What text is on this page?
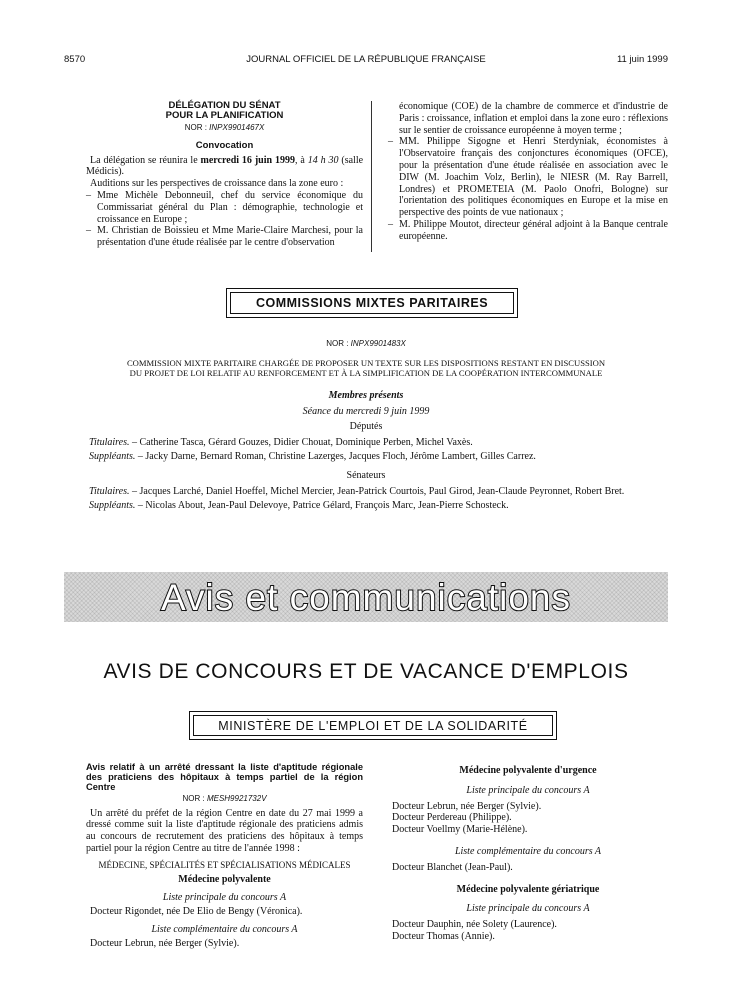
8570	JOURNAL OFFICIEL DE LA RÉPUBLIQUE FRANÇAISE	11 juin 1999
DÉLÉGATION DU SÉNAT
POUR LA PLANIFICATION
NOR : INPX9901467X
Convocation
La délégation se réunira le mercredi 16 juin 1999, à 14 h 30 (salle Médicis).
Auditions sur les perspectives de croissance dans la zone euro :
– Mme Michèle Debonneuil, chef du service économique du Commissariat général du Plan : démographie, technologie et croissance en Europe ;
– M. Christian de Boissieu et Mme Marie-Claire Marchesi, pour la présentation d'une étude réalisée par le centre d'observation
économique (COE) de la chambre de commerce et d'industrie de Paris : croissance, inflation et emploi dans la zone euro : réflexions sur le sentier de croissance européenne à moyen terme ;
– MM. Philippe Sigogne et Henri Sterdyniak, économistes à l'Observatoire français des conjonctures économiques (OFCE), pour la présentation d'une étude réalisée en association avec le DIW (M. Joachim Volz, Berlin), le NIESR (M. Ray Barrell, Londres) et PROMETEIA (M. Paolo Onofri, Bologne) sur l'orientation des politiques économiques en Europe et la mise en perspective des points de vue nationaux ;
– M. Philippe Moutot, directeur général adjoint à la Banque centrale européenne.
COMMISSIONS MIXTES PARITAIRES
NOR : INPX9901483X
COMMISSION MIXTE PARITAIRE CHARGÉE DE PROPOSER UN TEXTE SUR LES DISPOSITIONS RESTANT EN DISCUSSION
DU PROJET DE LOI RELATIF AU RENFORCEMENT ET À LA SIMPLIFICATION DE LA COOPÉRATION INTERCOMMUNALE
Membres présents
Séance du mercredi 9 juin 1999
Députés
Titulaires. – Catherine Tasca, Gérard Gouzes, Didier Chouat, Dominique Perben, Michel Vaxès.
Suppléants. – Jacky Darne, Bernard Roman, Christine Lazerges, Jacques Floch, Jérôme Lambert, Gilles Carrez.
Sénateurs
Titulaires. – Jacques Larché, Daniel Hoeffel, Michel Mercier, Jean-Patrick Courtois, Paul Girod, Jean-Claude Peyronnet, Robert Bret.
Suppléants. – Nicolas About, Jean-Paul Delevoye, Patrice Gélard, François Marc, Jean-Pierre Schosteck.
Avis et communications
AVIS DE CONCOURS ET DE VACANCE D'EMPLOIS
MINISTÈRE DE L'EMPLOI ET DE LA SOLIDARITÉ
Avis relatif à un arrêté dressant la liste d'aptitude régionale des praticiens des hôpitaux à temps partiel de la région Centre
NOR : MESH9921732V
Un arrêté du préfet de la région Centre en date du 27 mai 1999 a dressé comme suit la liste d'aptitude régionale des praticiens admis au concours de recrutement des praticiens des hôpitaux à temps partiel pour la région Centre au titre de l'année 1998 :
MÉDECINE, SPÉCIALITÉS ET SPÉCIALISATIONS MÉDICALES
Médecine polyvalente
Liste principale du concours A
Docteur Rigondet, née De Elio de Bengy (Véronica).
Liste complémentaire du concours A
Docteur Lebrun, née Berger (Sylvie).
Médecine polyvalente d'urgence
Liste principale du concours A
Docteur Lebrun, née Berger (Sylvie).
Docteur Perdereau (Philippe).
Docteur Voellmy (Marie-Hélène).
Liste complémentaire du concours A
Docteur Blanchet (Jean-Paul).
Médecine polyvalente gériatrique
Liste principale du concours A
Docteur Dauphin, née Solety (Laurence).
Docteur Thomas (Annie).
